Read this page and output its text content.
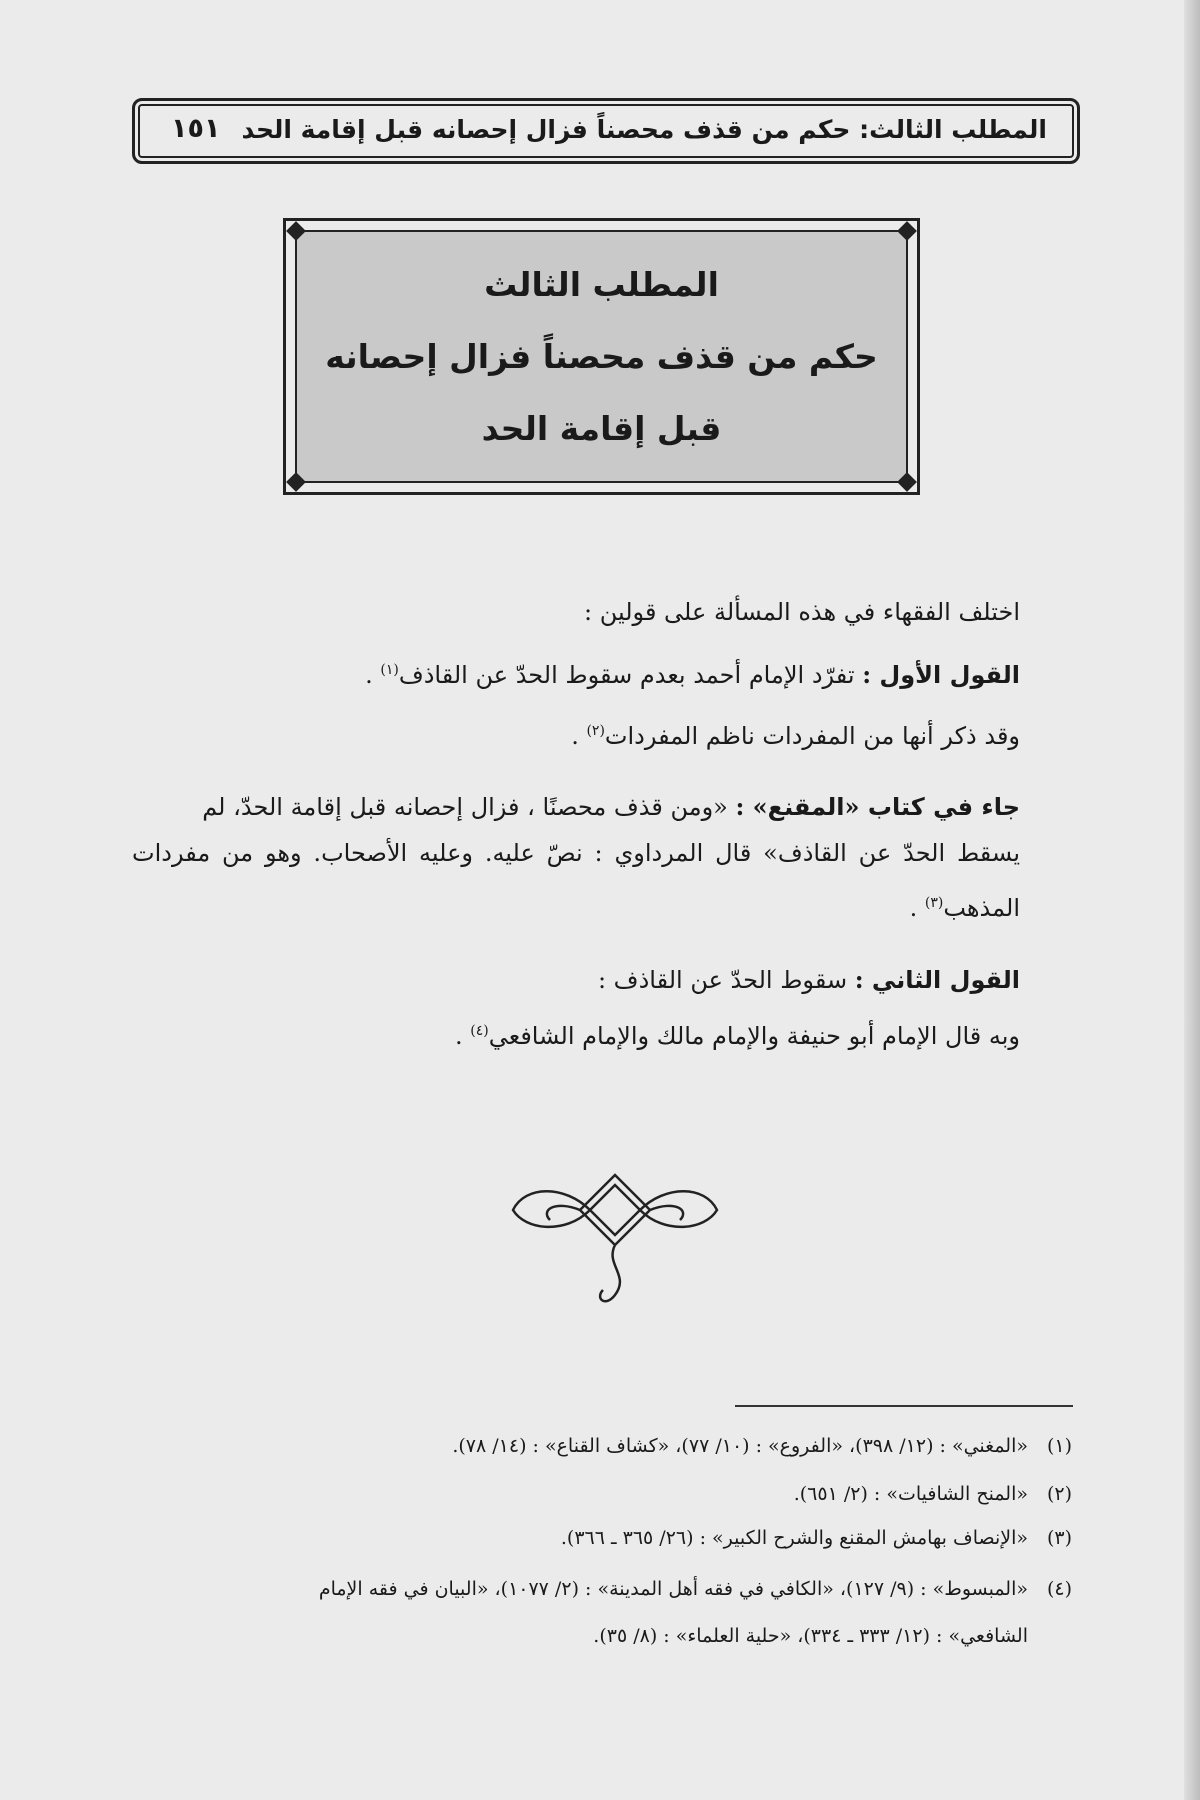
المطلب الثالث: حكم من قذف محصناً فزال إحصانه قبل إقامة الحد
١٥١
المطلب الثالث
حكم من قذف محصناً فزال إحصانه
قبل إقامة الحد
اختلف الفقهاء في هذه المسألة على قولين :
القول الأول : تفرّد الإمام أحمد بعدم سقوط الحدّ عن القاذف$^{(١)}$ .
وقد ذكر أنها من المفردات ناظم المفردات$^{(٢)}$ .
جاء في كتاب «المقنع» : «ومن قذف محصنًا ، فزال إحصانه قبل إقامة الحدّ، لم
يسقط الحدّ عن القاذف» قال المرداوي : نصّ عليه. وعليه الأصحاب. وهو من مفردات
المذهب$^{(٣)}$ .
القول الثاني : سقوط الحدّ عن القاذف :
وبه قال الإمام أبو حنيفة والإمام مالك والإمام الشافعي$^{(٤)}$ .
(١)«المغني» : (١٢/ ٣٩٨)، «الفروع» : (١٠/ ٧٧)، «كشاف القناع» : (١٤/ ٧٨).
(٢)«المنح الشافيات» : (٢/ ٦٥١).
(٣)«الإنصاف بهامش المقنع والشرح الكبير» : (٢٦/ ٣٦٥ ـ ٣٦٦).
(٤)«المبسوط» : (٩/ ١٢٧)، «الكافي في فقه أهل المدينة» : (٢/ ١٠٧٧)، «البيان في فقه الإمام
الشافعي» : (١٢/ ٣٣٣ ـ ٣٣٤)، «حلية العلماء» : (٨/ ٣٥).
